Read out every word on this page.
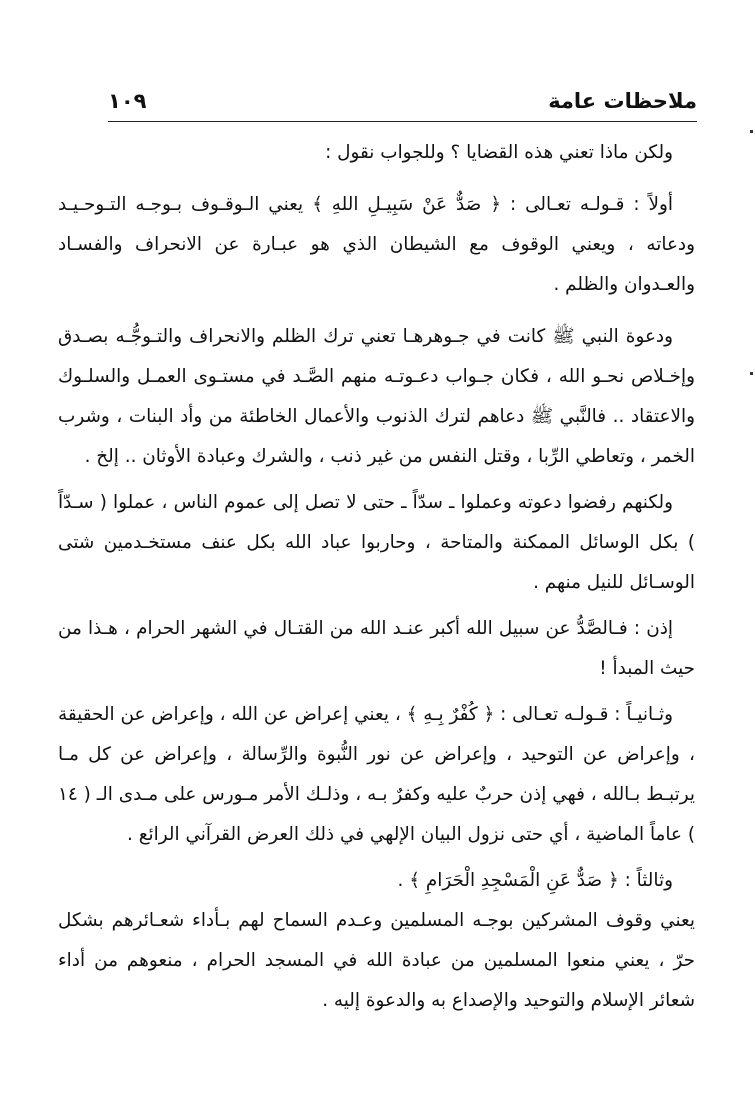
ملاحظات عامة
١٠٩

ولكن ماذا تعني هذه القضايا ؟ وللجواب نقول :

أولاً : قـولـه تعـالى : ﴿ صَدٌّ عَنْ سَبِيـلِ اللهِ ﴾ يعني الـوقـوف بـوجـه التـوحـيـد ودعاته ، ويعني الوقوف مع الشيطان الذي هو عبـارة عن الانحراف والفسـاد والعـدوان والظلم .

ودعوة النبي ﷺ كانت في جـوهرهـا تعني ترك الظلم والانحراف والتـوجُّـه بصـدق وإخـلاص نحـو الله ، فكان جـواب دعـوتـه منهم الصَّـد في مستـوى العمـل والسلـوك والاعتقاد .. فالنَّبي ﷺ دعاهم لترك الذنوب والأعمال الخاطئة من وأد البنات ، وشرب الخمر ، وتعاطي الرِّبا ، وقتل النفس من غير ذنب ، والشرك وعبادة الأوثان .. إلخ .

ولكنهم رفضوا دعوته وعملوا ـ سدّاً ـ حتى لا تصل إلى عموم الناس ، عملوا ( سـدّاً ) بكل الوسائل الممكنة والمتاحة ، وحاربوا عباد الله بكل عنف مستخـدمين شتى الوسـائل للنيل منهم .

إذن : فـالصَّدُّ عن سبيل الله أكبر عنـد الله من القتـال في الشهر الحرام ، هـذا من حيث المبدأ !

وثـانيـاً : قـولـه تعـالى : ﴿ كُفْرٌ بِـهِ ﴾ ، يعني إعراض عن الله ، وإعراض عن الحقيقة ، وإعراض عن التوحيد ، وإعراض عن نور النُّبوة والرِّسالة ، وإعراض عن كل مـا يرتبـط بـالله ، فهي إذن حربٌ عليه وكفرٌ بـه ، وذلـك الأمر مـورس على مـدى الـ ( ١٤ ) عاماً الماضية ، أي حتى نزول البيان الإلهي في ذلك العرض القرآني الرائع .

وثالثاً : ﴿ صَدٌّ عَنِ الْمَسْجِدِ الْحَرَامِ ﴾ .

يعني وقوف المشركين بوجـه المسلمين وعـدم السماح لهم بـأداء شعـائرهم بشكل حرّ ، يعني منعوا المسلمين من عبادة الله في المسجد الحرام ، منعوهم من أداء شعائر الإسلام والتوحيد والإصداع به والدعوة إليه .
